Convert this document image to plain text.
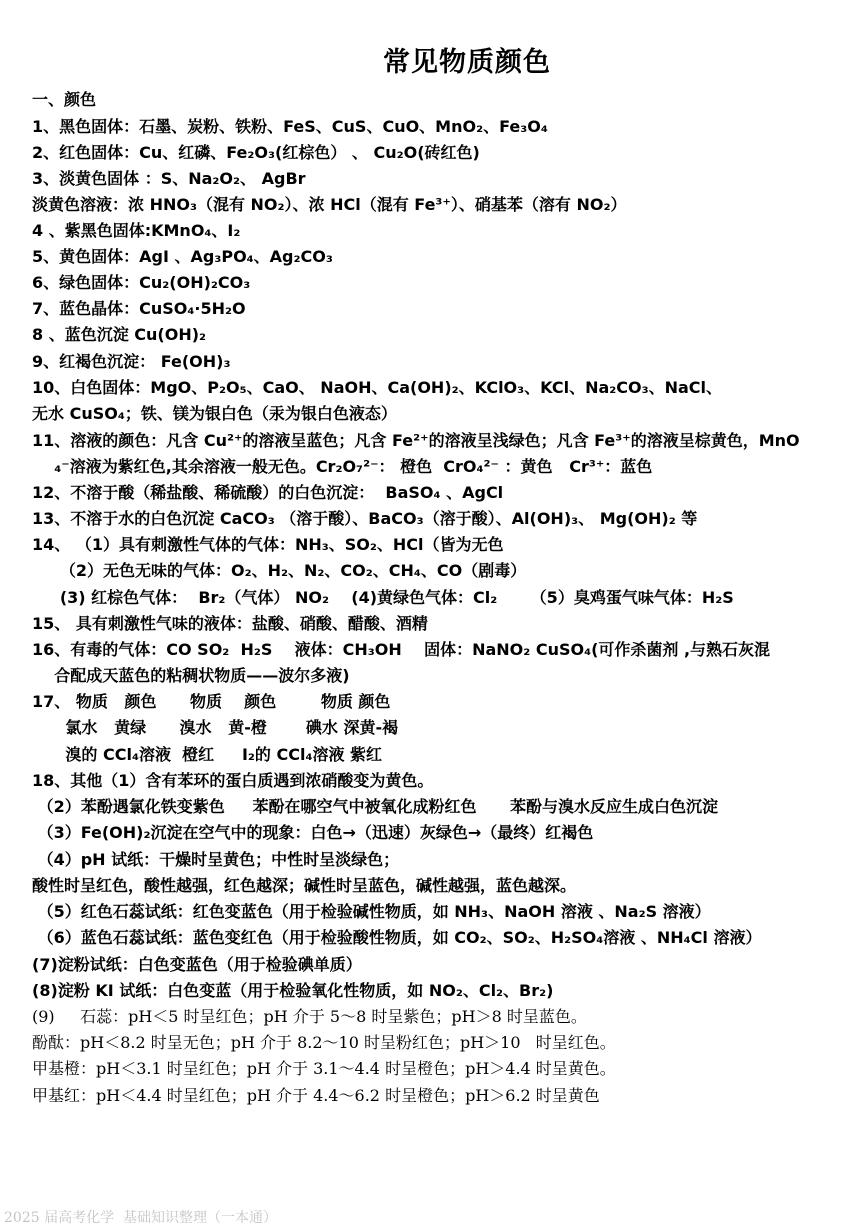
常见物质颜色
一、颜色
1、黑色固体：石墨、炭粉、铁粉、FeS、CuS、CuO、MnO₂、Fe₃O₄
2、红色固体：Cu、红磷、Fe₂O₃(红棕色） 、 Cu₂O(砖红色)
3、淡黄色固体 ：S、Na₂O₂、 AgBr
淡黄色溶液：浓 HNO₃（混有 NO₂）、浓 HCl（混有 Fe³⁺）、硝基苯（溶有 NO₂）
4 、紫黑色固体:KMnO₄、I₂
5、黄色固体：AgI 、Ag₃PO₄、Ag₂CO₃
6、绿色固体：Cu₂(OH)₂CO₃
7、蓝色晶体：CuSO₄·5H₂O
8 、蓝色沉淀 Cu(OH)₂
9、红褐色沉淀： Fe(OH)₃
10、白色固体：MgO、P₂O₅、CaO、 NaOH、Ca(OH)₂、KClO₃、KCl、Na₂CO₃、NaCl、
无水 CuSO₄；铁、镁为银白色（汞为银白色液态）
11、溶液的颜色：凡含 Cu²⁺的溶液呈蓝色；凡含 Fe²⁺的溶液呈浅绿色；凡含 Fe³⁺的溶液呈棕黄色，MnO
₄⁻溶液为紫红色,其余溶液一般无色。Cr₂O₇²⁻： 橙色  CrO₄²⁻ ：黄色   Cr³⁺：蓝色
12、不溶于酸（稀盐酸、稀硫酸）的白色沉淀：  BaSO₄ 、AgCl
13、不溶于水的白色沉淀 CaCO₃ （溶于酸）、BaCO₃（溶于酸）、Al(OH)₃、 Mg(OH)₂ 等
14、 （1）具有刺激性气体的气体：NH₃、SO₂、HCl（皆为无色
（2）无色无味的气体：O₂、H₂、N₂、CO₂、CH₄、CO（剧毒）
(3) 红棕色气体：  Br₂（气体） NO₂    (4)黄绿色气体：Cl₂      （5）臭鸡蛋气味气体：H₂S
15、 具有刺激性气味的液体：盐酸、硝酸、醋酸、酒精
16、有毒的气体：CO SO₂  H₂S    液体：CH₃OH    固体：NaNO₂ CuSO₄(可作杀菌剂 ,与熟石灰混
合配成天蓝色的粘稠状物质——波尔多液)
17、 物质   颜色      物质    颜色        物质 颜色
氯水   黄绿      溴水   黄-橙       碘水 深黄-褐
溴的 CCl₄溶液  橙红     I₂的 CCl₄溶液 紫红
18、其他（1）含有苯环的蛋白质遇到浓硝酸变为黄色。
（2）苯酚遇氯化铁变紫色     苯酚在哪空气中被氧化成粉红色      苯酚与溴水反应生成白色沉淀
（3）Fe(OH)₂沉淀在空气中的现象：白色→（迅速）灰绿色→（最终）红褐色
（4）pH 试纸：干燥时呈黄色；中性时呈淡绿色；
酸性时呈红色，酸性越强，红色越深；碱性时呈蓝色，碱性越强，蓝色越深。
（5）红色石蕊试纸：红色变蓝色（用于检验碱性物质，如 NH₃、NaOH 溶液 、Na₂S 溶液）
（6）蓝色石蕊试纸：蓝色变红色（用于检验酸性物质，如 CO₂、SO₂、H₂SO₄溶液 、NH₄Cl 溶液）
(7)淀粉试纸：白色变蓝色（用于检验碘单质）
(8)淀粉 KI 试纸：白色变蓝（用于检验氧化性物质，如 NO₂、Cl₂、Br₂)
(9)     石蕊：pH＜5 时呈红色；pH 介于 5～8 时呈紫色；pH＞8 时呈蓝色。
酚酞：pH＜8.2 时呈无色；pH 介于 8.2～10 时呈粉红色；pH＞10   时呈红色。
甲基橙：pH＜3.1 时呈红色；pH 介于 3.1～4.4 时呈橙色；pH＞4.4 时呈黄色。
甲基红：pH＜4.4 时呈红色；pH 介于 4.4～6.2 时呈橙色；pH＞6.2 时呈黄色
2025 届高考化学  基础知识整理（一本通）
